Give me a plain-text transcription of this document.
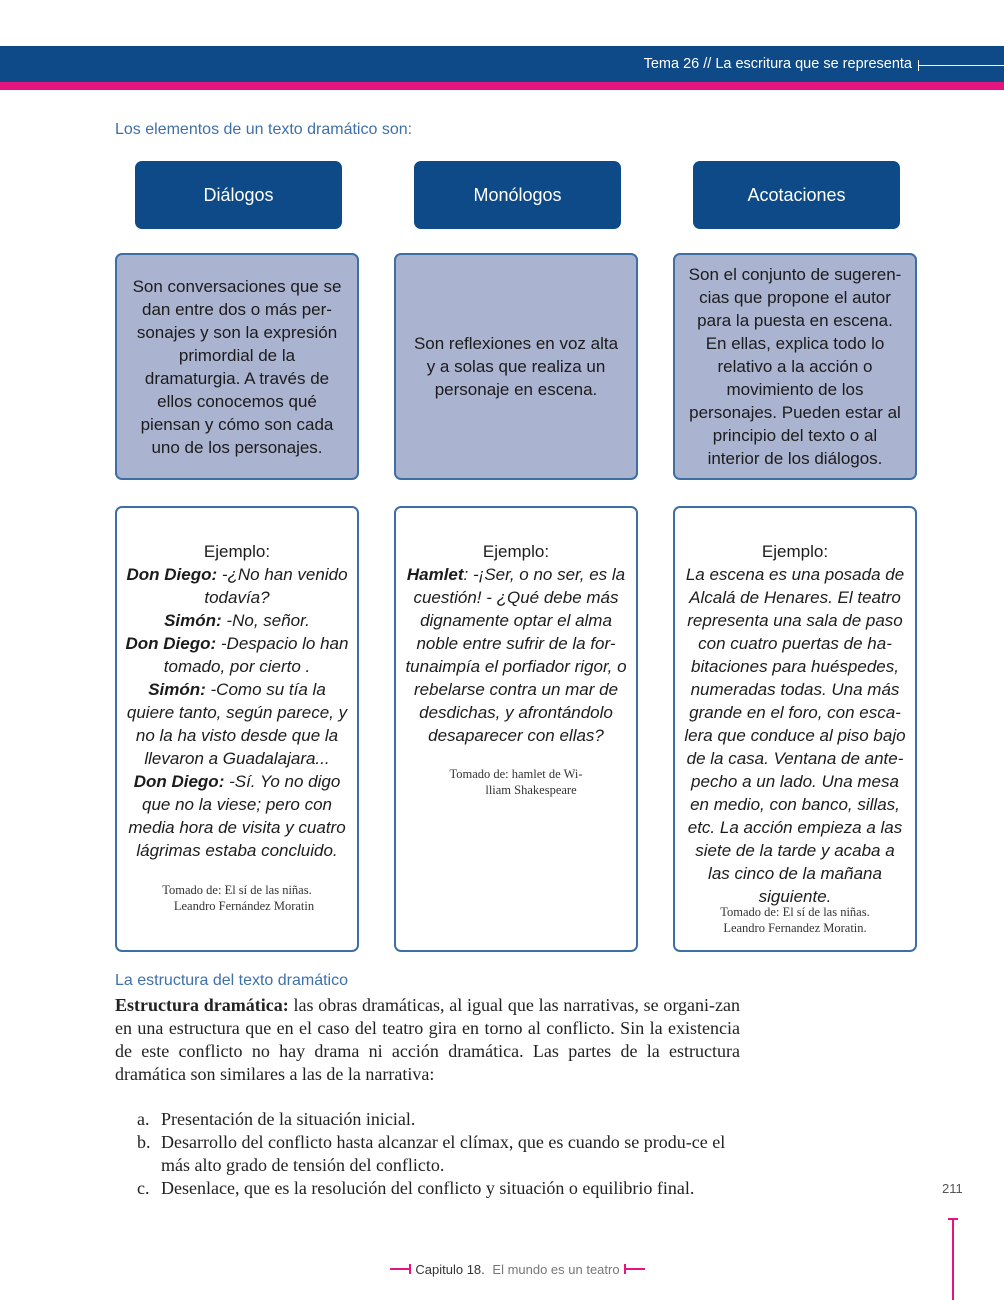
Tema 26 // La escritura que se representa
Los elementos de un texto dramático son:
Diálogos	Monólogos	Acotaciones
Son conversaciones que se dan entre dos o más per-sonajes y son la expresión primordial de la dramaturgia. A través de ellos conocemos qué piensan y cómo son cada uno de los personajes.
Son reflexiones en voz alta y a solas que realiza un personaje en escena.
Son el conjunto de sugeren-cias que propone el autor para la puesta en escena. En ellas, explica todo lo relativo a la acción o movimiento de los personajes. Pueden estar al principio del texto o al interior de los diálogos.
Ejemplo:
Don Diego: -¿No han venido todavía?
Simón: -No, señor.
Don Diego: -Despacio lo han tomado, por cierto .
Simón: -Como su tía la quiere tanto, según parece, y no la ha visto desde que la llevaron a Guadalajara...
Don Diego: -Sí. Yo no digo que no la viese; pero con media hora de visita y cuatro lágrimas estaba concluido.
Tomado de: El sí de las niñas.
Leandro Fernández Moratin
Ejemplo:
Hamlet: -¡Ser, o no ser, es la cuestión! - ¿Qué debe más dignamente optar el alma noble entre sufrir de la for-tunaimpía el porfiador rigor, o rebelarse contra un mar de desdichas, y afrontándolo desaparecer con ellas?
Tomado de: hamlet de Wi-
lliam Shakespeare
Ejemplo:
La escena es una posada de Alcalá de Henares. El teatro representa una sala de paso con cuatro puertas de ha-bitaciones para huéspedes, numeradas todas. Una más grande en el foro, con esca-lera que conduce al piso bajo de la casa. Ventana de ante-pecho a un lado. Una mesa en medio, con banco, sillas, etc. La acción empieza a las siete de la tarde y acaba a las cinco de la mañana siguiente.
Tomado de: El sí de las niñas.
Leandro Fernandez Moratin.
La estructura del texto dramático
Estructura dramática: las obras dramáticas, al igual que las narrativas, se organi-zan en una estructura que en el caso del teatro gira en torno al conflicto. Sin la existencia de este conflicto no hay drama ni acción dramática. Las partes de la estructura dramática son similares a las de la narrativa:
a. Presentación de la situación inicial.
b. Desarrollo del conflicto hasta alcanzar el clímax, que es cuando se produ-ce el más alto grado de tensión del conflicto.
c. Desenlace, que es la resolución del conflicto y situación o equilibrio final.	211
Capitulo 18. El mundo es un teatro
